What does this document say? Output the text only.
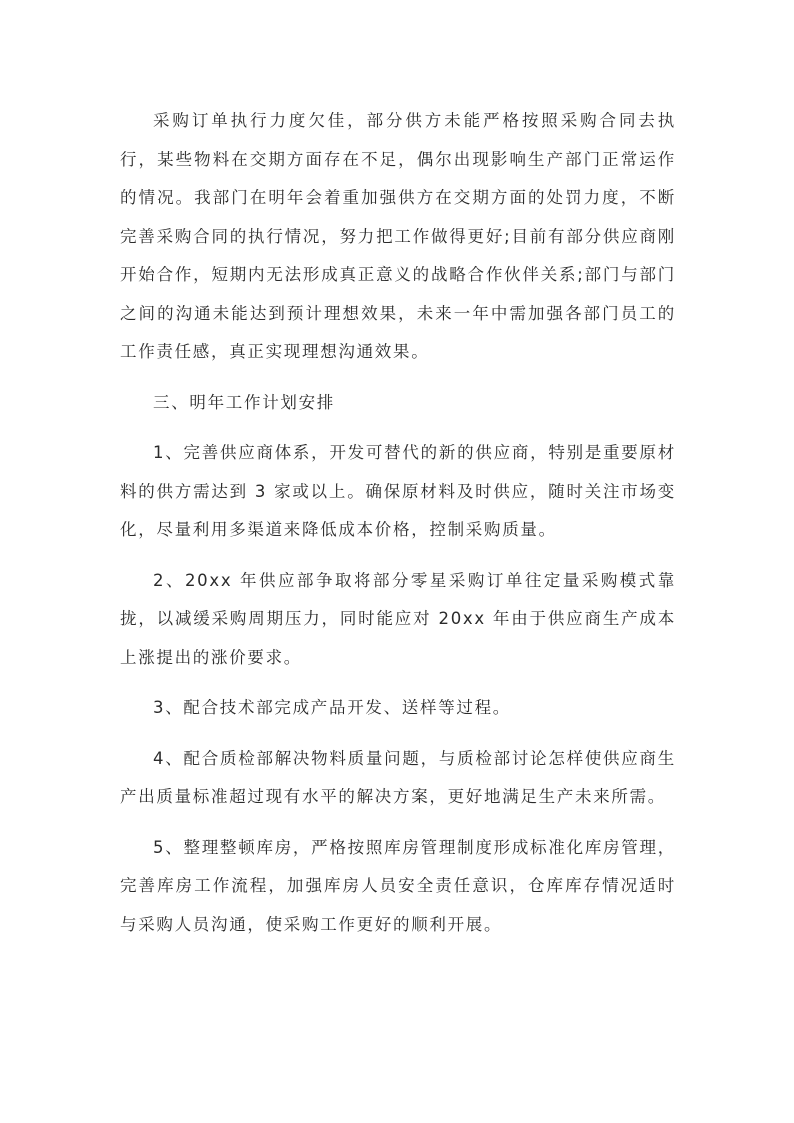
采购订单执行力度欠佳，部分供方未能严格按照采购合同去执行，某些物料在交期方面存在不足，偶尔出现影响生产部门正常运作的情况。我部门在明年会着重加强供方在交期方面的处罚力度，不断完善采购合同的执行情况，努力把工作做得更好;目前有部分供应商刚开始合作，短期内无法形成真正意义的战略合作伙伴关系;部门与部门之间的沟通未能达到预计理想效果，未来一年中需加强各部门员工的工作责任感，真正实现理想沟通效果。

三、明年工作计划安排

1、完善供应商体系，开发可替代的新的供应商，特别是重要原材料的供方需达到 3 家或以上。确保原材料及时供应，随时关注市场变化，尽量利用多渠道来降低成本价格，控制采购质量。

2、20xx 年供应部争取将部分零星采购订单往定量采购模式靠拢，以减缓采购周期压力，同时能应对 20xx 年由于供应商生产成本上涨提出的涨价要求。

3、配合技术部完成产品开发、送样等过程。

4、配合质检部解决物料质量问题，与质检部讨论怎样使供应商生产出质量标准超过现有水平的解决方案，更好地满足生产未来所需。

5、整理整顿库房，严格按照库房管理制度形成标准化库房管理，完善库房工作流程，加强库房人员安全责任意识，仓库库存情况适时与采购人员沟通，使采购工作更好的顺利开展。
